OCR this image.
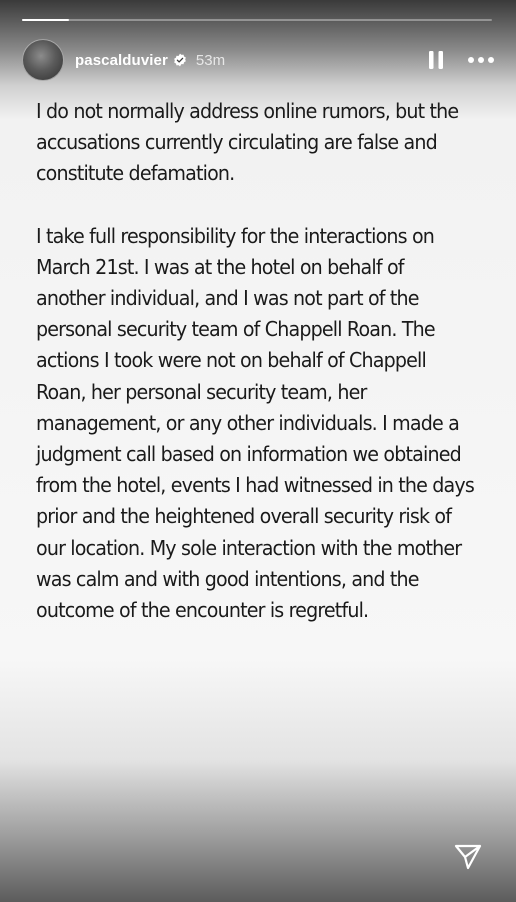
pascalduvier 53m

I do not normally address online rumors, but the accusations currently circulating are false and constitute defamation.

I take full responsibility for the interactions on March 21st. I was at the hotel on behalf of another individual, and I was not part of the personal security team of Chappell Roan. The actions I took were not on behalf of Chappell Roan, her personal security team, her management, or any other individuals. I made a judgment call based on information we obtained from the hotel, events I had witnessed in the days prior and the heightened overall security risk of our location. My sole interaction with the mother was calm and with good intentions, and the outcome of the encounter is regretful.
